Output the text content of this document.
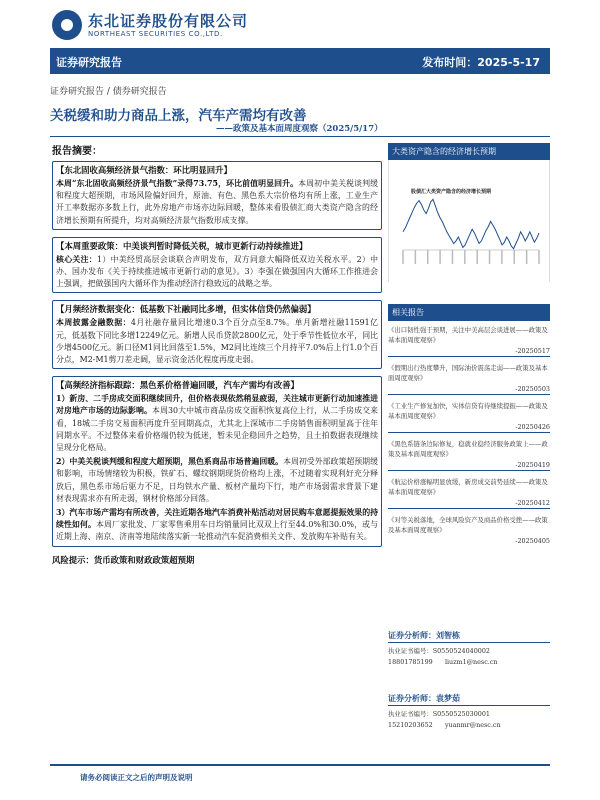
东北证券股份有限公司
NORTHEAST SECURITIES CO.,LTD.
证券研究报告	发布时间：2025-5-17
证券研究报告 / 债券研究报告
关税缓和助力商品上涨，汽车产需均有改善
——政策及基本面周度观察（2025/5/17）
报告摘要：
【东北固收高频经济景气指数：环比明显回升】
本周“东北固收高频经济景气指数”录得73.75，环比前值明显回升。本周初中美关税谈判缓和程度大超预期，市场风险偏好回升，原油、有色、黑色系大宗价格均有所上涨，工业生产开工率数据亦多数上行，此外房地产市场亦边际回暖，整体来看股债汇商大类资产隐含的经济增长预期有所提升，均对高频经济景气指数形成支撑。
【本周重要政策：中美谈判暂时降低关税，城市更新行动持续推进】
核心关注：1）中美经贸高层会谈联合声明发布，双方同意大幅降低双边关税水平。2）中办、国办发布《关于持续推进城市更新行动的意见》。3）李强在做强国内大循环工作推进会上强调，把做强国内大循环作为推动经济行稳致远的战略之举。
【月频经济数据变化：低基数下社融同比多增，但实体信贷仍然偏弱】
本周披露金融数据：4月社融存量同比增速0.3个百分点至8.7%。单月新增社融11591亿元，低基数下同比多增12249亿元。新增人民币贷款2800亿元，处于季节性低位水平，同比少增4500亿元。新口径M1同比回落至1.5%，M2同比连续三个月持平7.0%后上行1.0个百分点，M2-M1剪刀差走阔，显示资金活化程度再度走弱。
【高频经济指标跟踪：黑色系价格普遍回暖，汽车产需均有改善】
1）新房、二手房成交面积继续回升，但价格表现依然稍显疲弱，关注城市更新行动加速推进对房地产市场的边际影响。本周30大中城市商品房成交面积恢复高位上行，从二手房成交来看，18城二手房交易面积再度升至同期高点，尤其北上深城市二手房销售面积明显高于往年同期水平。不过整体来看价格端仍较为低迷，暂未见企稳回升之趋势，且土拍数据表现继续呈现分化格局。
2）中美关税谈判缓和程度大超预期，黑色系商品市场普遍回暖。本周初受外部政策超预期缓和影响，市场情绪较为积极，铁矿石、螺纹钢期现货价格均上涨，不过随着实现利好充分释放后，黑色系市场后驱力不足，日均铁水产量、板材产量均下行，地产市场弱需求背景下建材表现需求亦有所走弱，钢材价格部分回落。
3）汽车市场产需均有所改善，关注近期各地汽车消费补贴活动对居民购车意愿提振效果的持续性如何。本周厂家批发、厂家零售乘用车日均销量同比双双上行至44.0%和30.0%，或与近期上海、南京、济南等地陆续落实新一轮推动汽车促消费相关文件、发放购车补贴有关。
风险提示：货币政策和财政政策超预期
大类资产隐含的经济增长预期
股债汇大类资产隐含的经济增长预期
相关报告
《出口韧性强于预期，关注中美高层会谈进展——政策及基本面周度观察》
-20250517
《假期出行热度攀升，国际油价震荡走弱——政策及基本面周度观察》
-20250503
《工业生产修复加快，实体信贷有待继续提振——政策及基本面周度观察》
-20250426
《黑色系链条边际修复，稳就业稳经济服务政策上——政策及基本面周度观察》
-20250419
《航运价格涨幅明显放缓，新房成交前势延续——政策及基本面周度观察》
-20250412
《对等关税落地，全球风险资产及商品价格受挫——政策及基本面周度观察》
-20250405
证券分析师：刘智栋
执业证书编号：S0550524040002
18801785199 liuzm1@nesc.cn
证券分析师：袁梦茹
执业证书编号：S0550525030001
15210203652 yuanmr@nesc.cn
请务必阅读正文之后的声明及说明
